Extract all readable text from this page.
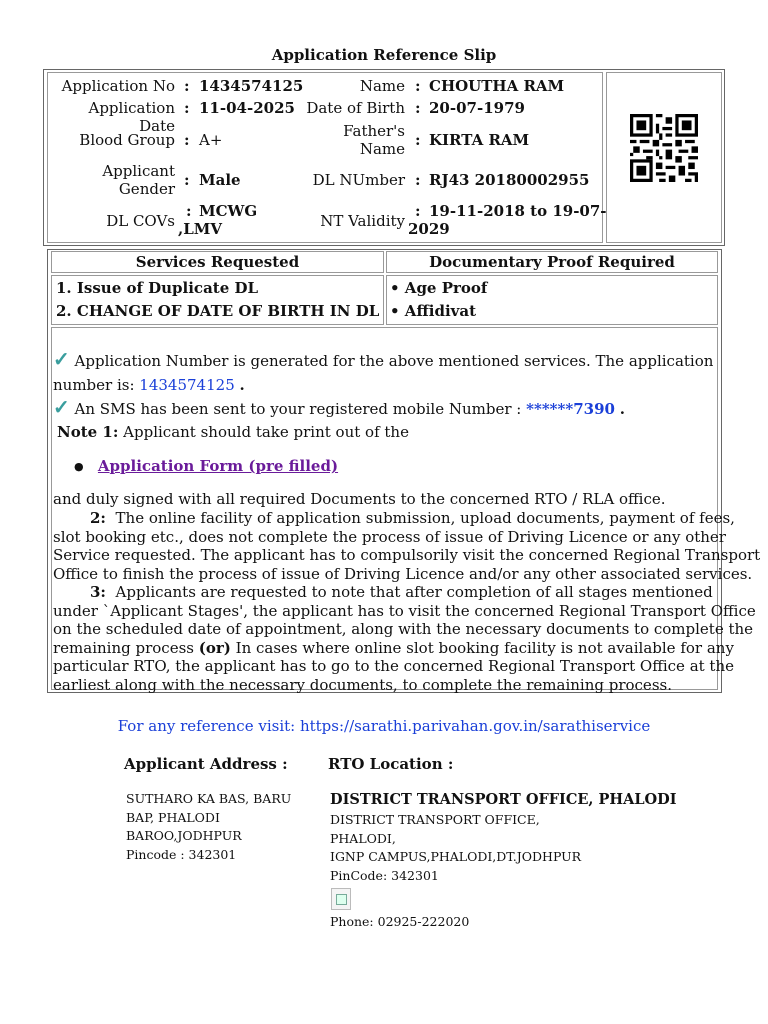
Application Reference Slip
Application No : 1434574125
Application Date
: 11-04-2025
Blood Group : A+
Applicant
Gender : Male
DL COVs
: MCWG
,LMV
Name : CHOUTHA RAM
Date of Birth : 20-07-1979
Father's
Name : KIRTA RAM
DL NUmber : RJ43 20180002955
NT Validity
: 19-11-2018 to 19-07-
2029
Services Requested	Documentary Proof Required
1. Issue of Duplicate DL
2. CHANGE OF DATE OF BIRTH IN DL
• Age Proof
• Affidivat
✓ Application Number is generated for the above mentioned services. The application
number is: 1434574125 .
✓ An SMS has been sent to your registered mobile Number : ******7390 .
Note 1: Applicant should take print out of the
● Application Form (pre filled)
and duly signed with all required Documents to the concerned RTO / RLA office.
2: The online facility of application submission, upload documents, payment of fees,
slot booking etc., does not complete the process of issue of Driving Licence or any other
Service requested. The applicant has to compulsorily visit the concerned Regional Transport
Office to finish the process of issue of Driving Licence and/or any other associated services.
3: Applicants are requested to note that after completion of all stages mentioned
under `Applicant Stages', the applicant has to visit the concerned Regional Transport Office
on the scheduled date of appointment, along with the necessary documents to complete the
remaining process (or) In cases where online slot booking facility is not available for any
particular RTO, the applicant has to go to the concerned Regional Transport Office at the
earliest along with the necessary documents, to complete the remaining process.
For any reference visit: https://sarathi.parivahan.gov.in/sarathiservice
Applicant Address :	RTO Location :
SUTHARO KA BAS, BARU
BAP, PHALODI
BAROO,JODHPUR
Pincode : 342301
DISTRICT TRANSPORT OFFICE, PHALODI
DISTRICT TRANSPORT OFFICE,
PHALODI,
IGNP CAMPUS,PHALODI,DT.JODHPUR
PinCode: 342301
Phone: 02925-222020
